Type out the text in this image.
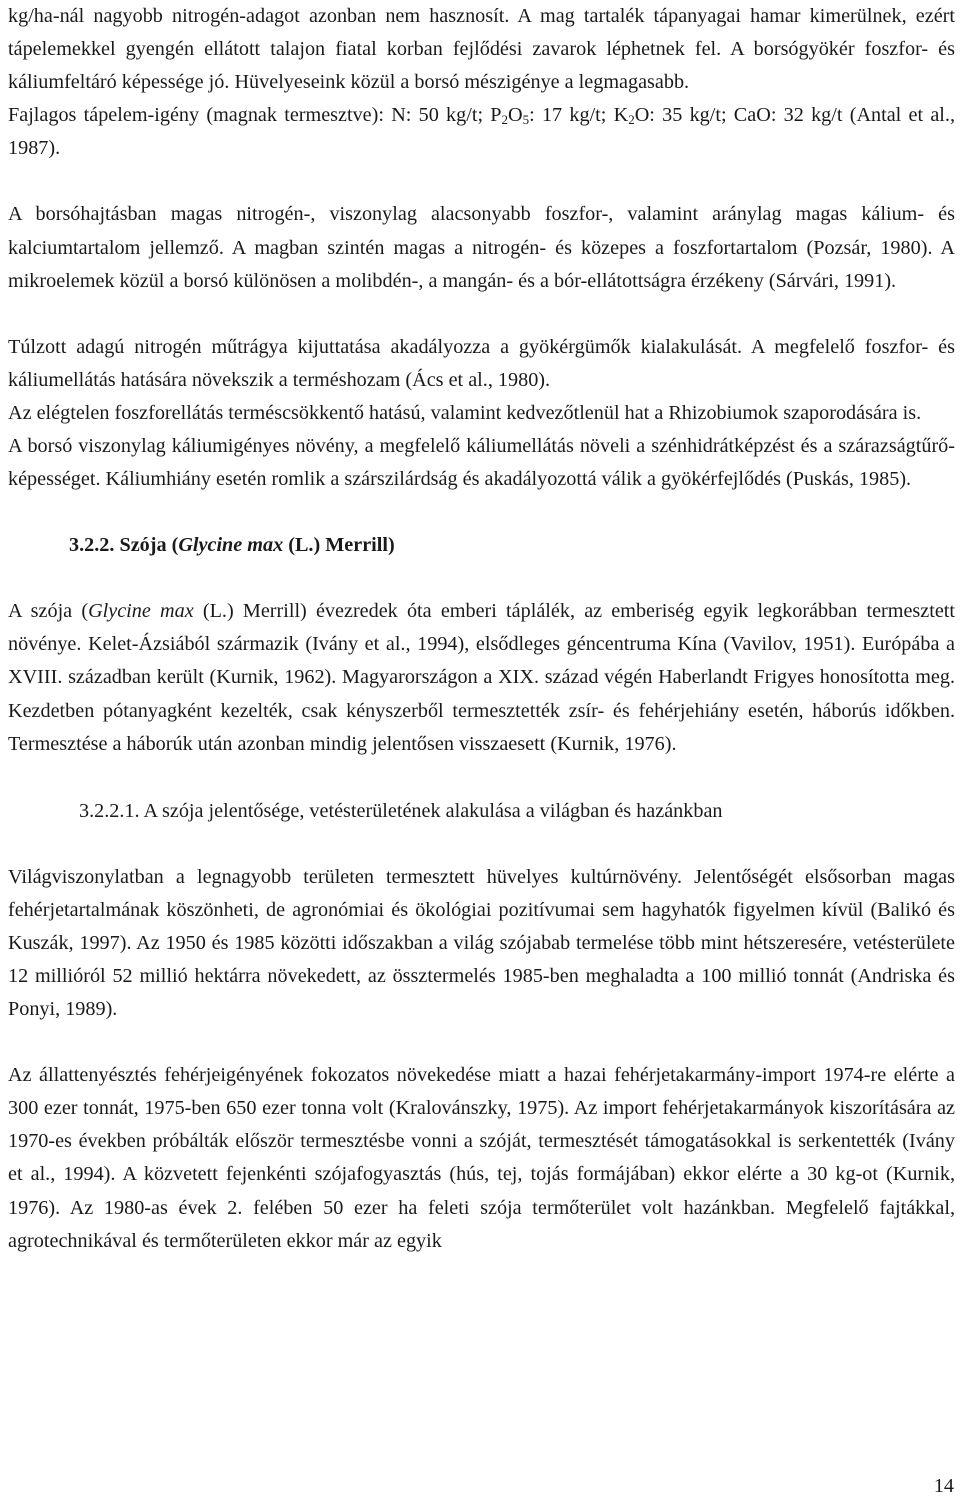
kg/ha-nál nagyobb nitrogén-adagot azonban nem hasznosít. A mag tartalék tápanyagai hamar kimerülnek, ezért tápelemekkel gyengén ellátott talajon fiatal korban fejlődési zavarok léphetnek fel. A borsógyökér foszfor- és káliumfeltáró képessége jó. Hüvelyeseink közül a borsó mészigénye a legmagasabb.

Fajlagos tápelem-igény (magnak termesztve): N: 50 kg/t; $P_2O_5$: 17 kg/t; $K_2O$: 35 kg/t; CaO: 32 kg/t (Antal et al., 1987).

A borsóhajtásban magas nitrogén-, viszonylag alacsonyabb foszfor-, valamint aránylag magas kálium- és kalciumtartalom jellemző. A magban szintén magas a nitrogén- és közepes a foszfortartalom (Pozsár, 1980). A mikroelemek közül a borsó különösen a molibdén-, a mangán- és a bór-ellátottságra érzékeny (Sárvári, 1991).

Túlzott adagú nitrogén műtrágya kijuttatása akadályozza a gyökérgümők kialakulását. A megfelelő foszfor- és káliumellátás hatására növekszik a terméshozam (Ács et al., 1980).

Az elégtelen foszforellátás terméscsökkentő hatású, valamint kedvezőtlenül hat a Rhizobiumok szaporodására is.

A borsó viszonylag káliumigényes növény, a megfelelő káliumellátás növeli a szénhidrátképzést és a szárazságtűrő-képességet. Káliumhiány esetén romlik a szárszilárdság és akadályozottá válik a gyökérfejlődés (Puskás, 1985).

3.2.2. Szója (Glycine max (L.) Merrill)

A szója (Glycine max (L.) Merrill) évezredek óta emberi táplálék, az emberiség egyik legkorábban termesztett növénye. Kelet-Ázsiából származik (Ivány et al., 1994), elsődleges géncentruma Kína (Vavilov, 1951). Európába a XVIII. században került (Kurnik, 1962). Magyarországon a XIX. század végén Haberlandt Frigyes honosította meg. Kezdetben pótanyagként kezelték, csak kényszerből termesztették zsír- és fehérjehiány esetén, háborús időkben. Termesztése a háborúk után azonban mindig jelentősen visszaesett (Kurnik, 1976).

3.2.2.1. A szója jelentősége, vetésterületének alakulása a világban és hazánkban

Világviszonylatban a legnagyobb területen termesztett hüvelyes kultúrnövény. Jelentőségét elsősorban magas fehérjetartalmának köszönheti, de agronómiai és ökológiai pozitívumai sem hagyhatók figyelmen kívül (Balikó és Kuszák, 1997). Az 1950 és 1985 közötti időszakban a világ szójabab termelése több mint hétszeresére, vetésterülete 12 millióról 52 millió hektárra növekedett, az össztermelés 1985-ben meghaladta a 100 millió tonnát (Andriska és Ponyi, 1989).

Az állattenyésztés fehérjeigényének fokozatos növekedése miatt a hazai fehérjetakarmány-import 1974-re elérte a 300 ezer tonnát, 1975-ben 650 ezer tonna volt (Kralovánszky, 1975). Az import fehérjetakarmányok kiszorítására az 1970-es években próbálták először termesztésbe vonni a szóját, termesztését támogatásokkal is serkentették (Ivány et al., 1994). A közvetett fejenkénti szójafogyasztás (hús, tej, tojás formájában) ekkor elérte a 30 kg-ot (Kurnik, 1976). Az 1980-as évek 2. felében 50 ezer ha feleti szója termőterület volt hazánkban. Megfelelő fajtákkal, agrotechnikával és termőterületen ekkor már az egyik

14
